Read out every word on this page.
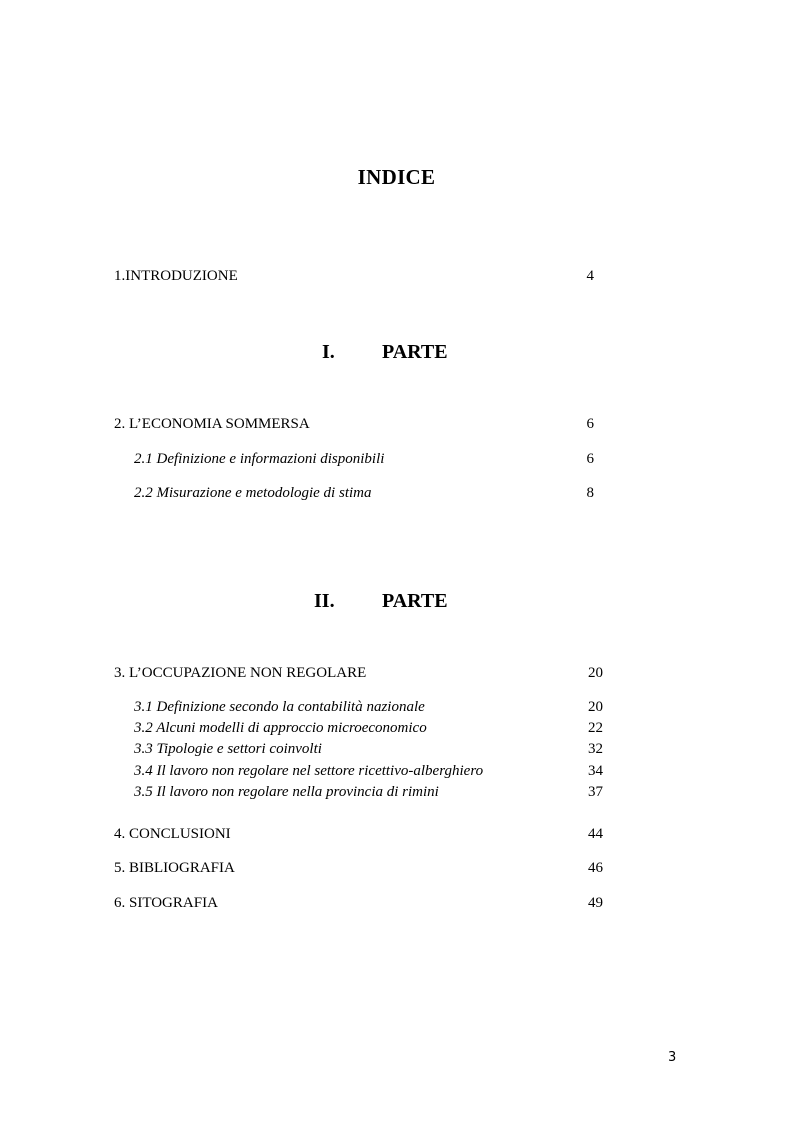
INDICE
1.INTRODUZIONE	4
I. PARTE
2. L’ECONOMIA SOMMERSA	6
2.1 Definizione e informazioni disponibili	6
2.2 Misurazione e metodologie di stima	8
II. PARTE
3. L’OCCUPAZIONE NON REGOLARE	20
3.1 Definizione secondo la contabilità nazionale	20
3.2 Alcuni modelli di approccio microeconomico	22
3.3 Tipologie e settori coinvolti	32
3.4 Il lavoro non regolare nel settore ricettivo-alberghiero	34
3.5 Il lavoro non regolare nella provincia di rimini	37
4. CONCLUSIONI	44
5. BIBLIOGRAFIA	46
6. SITOGRAFIA	49
3
